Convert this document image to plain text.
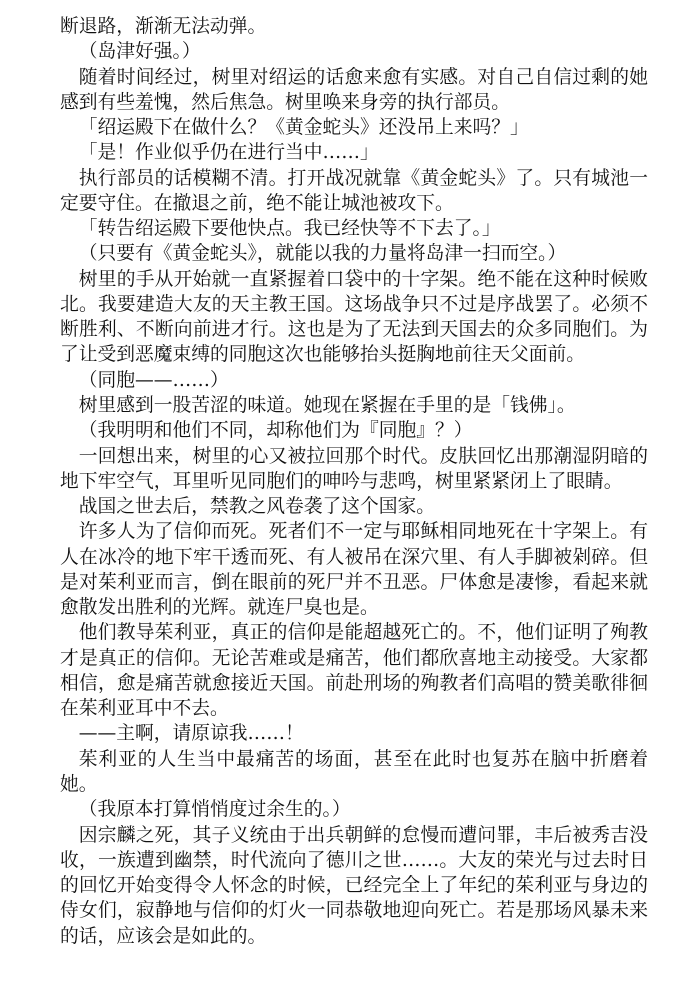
断退路，渐渐无法动弹。

（岛津好强。）

随着时间经过，树里对绍运的话愈来愈有实感。对自己自信过剩的她感到有些羞愧，然后焦急。树里唤来身旁的执行部员。

「绍运殿下在做什么？《黄金蛇头》还没吊上来吗？」

「是！作业似乎仍在进行当中……」

执行部员的话模糊不清。打开战况就靠《黄金蛇头》了。只有城池一定要守住。在撤退之前，绝不能让城池被攻下。

「转告绍运殿下要他快点。我已经快等不下去了。」

（只要有《黄金蛇头》，就能以我的力量将岛津一扫而空。）

树里的手从开始就一直紧握着口袋中的十字架。绝不能在这种时候败北。我要建造大友的天主教王国。这场战争只不过是序战罢了。必须不断胜利、不断向前进才行。这也是为了无法到天国去的众多同胞们。为了让受到恶魔束缚的同胞这次也能够抬头挺胸地前往天父面前。

（同胞——……）

树里感到一股苦涩的味道。她现在紧握在手里的是「钱佛」。

（我明明和他们不同，却称他们为『同胞』？）

一回想出来，树里的心又被拉回那个时代。皮肤回忆出那潮湿阴暗的地下牢空气，耳里听见同胞们的呻吟与悲鸣，树里紧紧闭上了眼睛。

战国之世去后，禁教之风卷袭了这个国家。

许多人为了信仰而死。死者们不一定与耶稣相同地死在十字架上。有人在冰冷的地下牢干透而死、有人被吊在深穴里、有人手脚被剁碎。但是对茱利亚而言，倒在眼前的死尸并不丑恶。尸体愈是凄惨，看起来就愈散发出胜利的光辉。就连尸臭也是。

他们教导茱利亚，真正的信仰是能超越死亡的。不，他们证明了殉教才是真正的信仰。无论苦难或是痛苦，他们都欣喜地主动接受。大家都相信，愈是痛苦就愈接近天国。前赴刑场的殉教者们高唱的赞美歌徘徊在茱利亚耳中不去。

——主啊，请原谅我……！

茱利亚的人生当中最痛苦的场面，甚至在此时也复苏在脑中折磨着她。

（我原本打算悄悄度过余生的。）

因宗麟之死，其子义统由于出兵朝鲜的怠慢而遭问罪，丰后被秀吉没收，一族遭到幽禁，时代流向了德川之世……。大友的荣光与过去时日的回忆开始变得令人怀念的时候，已经完全上了年纪的茱利亚与身边的侍女们，寂静地与信仰的灯火一同恭敬地迎向死亡。若是那场风暴未来的话，应该会是如此的。
